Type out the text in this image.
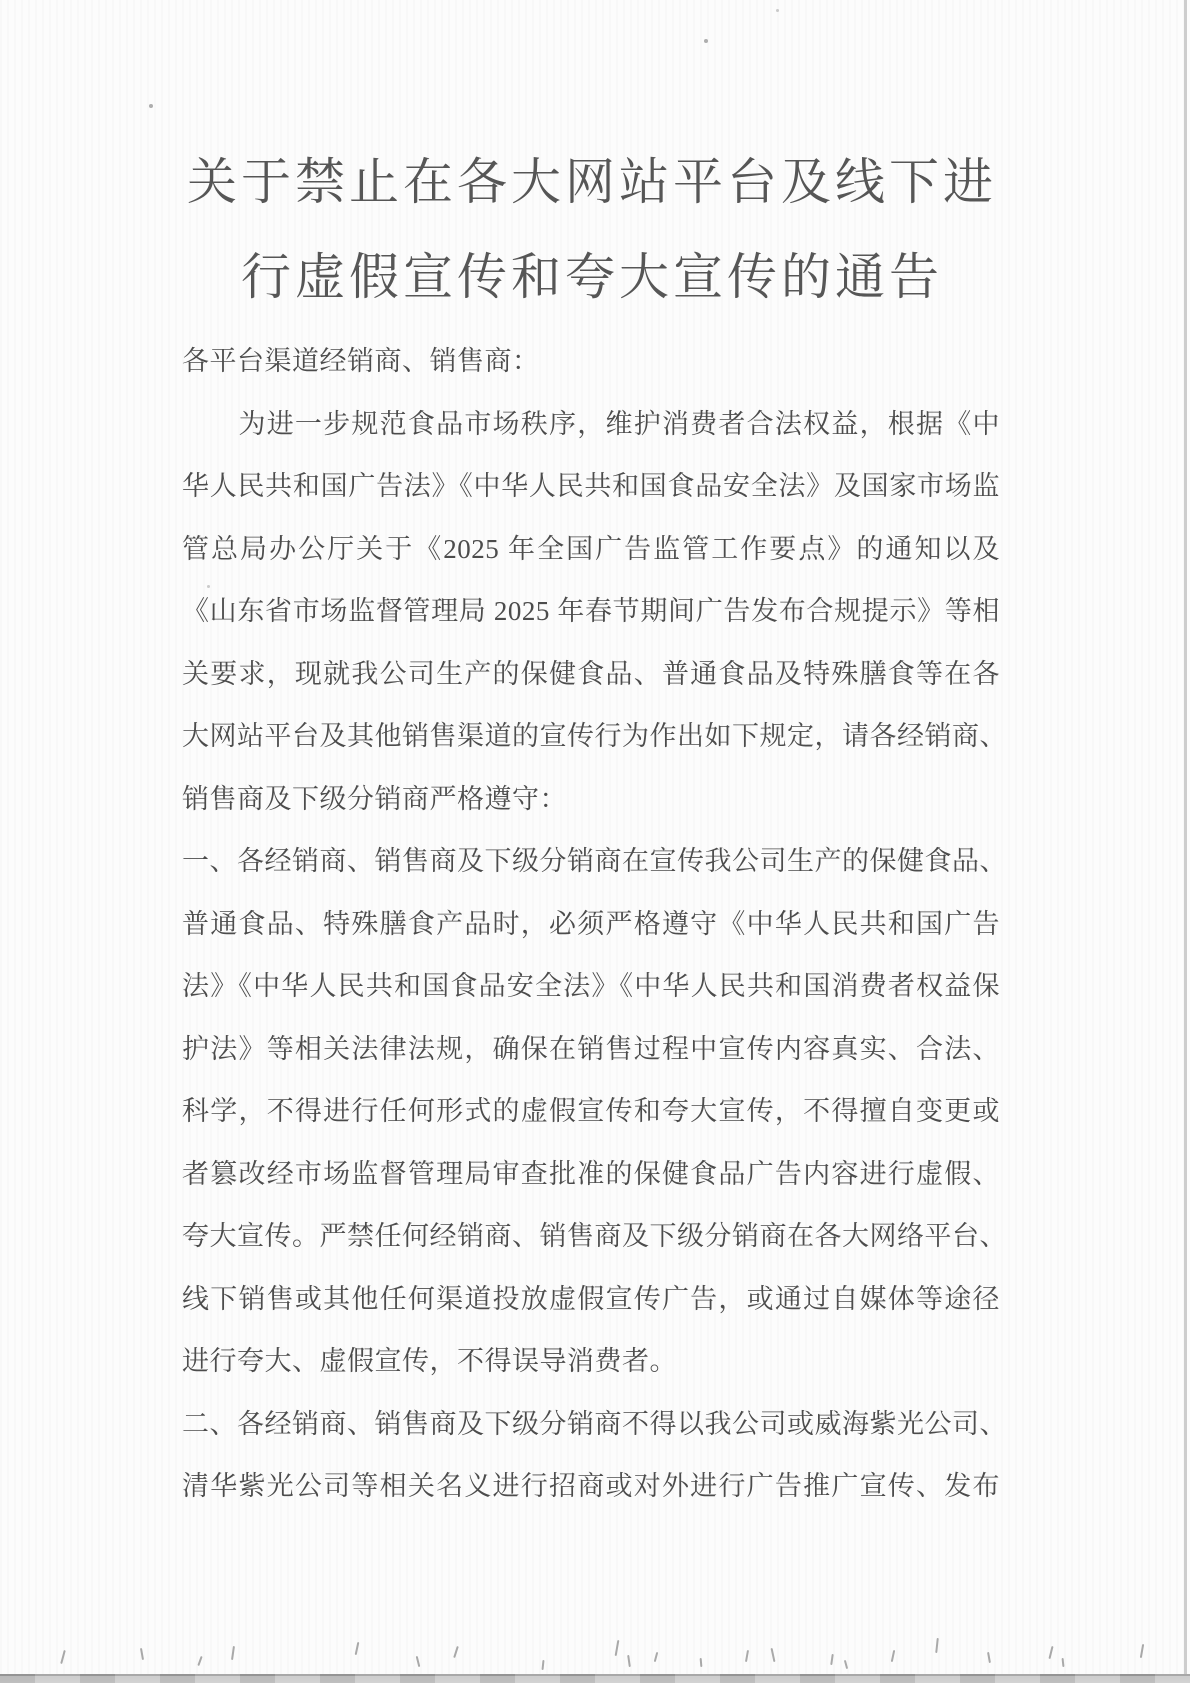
关于禁止在各大网站平台及线下进
行虚假宣传和夸大宣传的通告
各平台渠道经销商、销售商：
　　为进一步规范食品市场秩序，维护消费者合法权益，根据《中
华人民共和国广告法》《中华人民共和国食品安全法》及国家市场监
管总局办公厅关于《2025 年全国广告监管工作要点》的通知以及
《山东省市场监督管理局 2025 年春节期间广告发布合规提示》等相
关要求，现就我公司生产的保健食品、普通食品及特殊膳食等在各
大网站平台及其他销售渠道的宣传行为作出如下规定，请各经销商、
销售商及下级分销商严格遵守：
一、各经销商、销售商及下级分销商在宣传我公司生产的保健食品、
普通食品、特殊膳食产品时，必须严格遵守《中华人民共和国广告
法》《中华人民共和国食品安全法》《中华人民共和国消费者权益保
护法》等相关法律法规，确保在销售过程中宣传内容真实、合法、
科学，不得进行任何形式的虚假宣传和夸大宣传，不得擅自变更或
者篡改经市场监督管理局审查批准的保健食品广告内容进行虚假、
夸大宣传。严禁任何经销商、销售商及下级分销商在各大网络平台、
线下销售或其他任何渠道投放虚假宣传广告，或通过自媒体等途径
进行夸大、虚假宣传，不得误导消费者。
二、各经销商、销售商及下级分销商不得以我公司或威海紫光公司、
清华紫光公司等相关名义进行招商或对外进行广告推广宣传、发布
